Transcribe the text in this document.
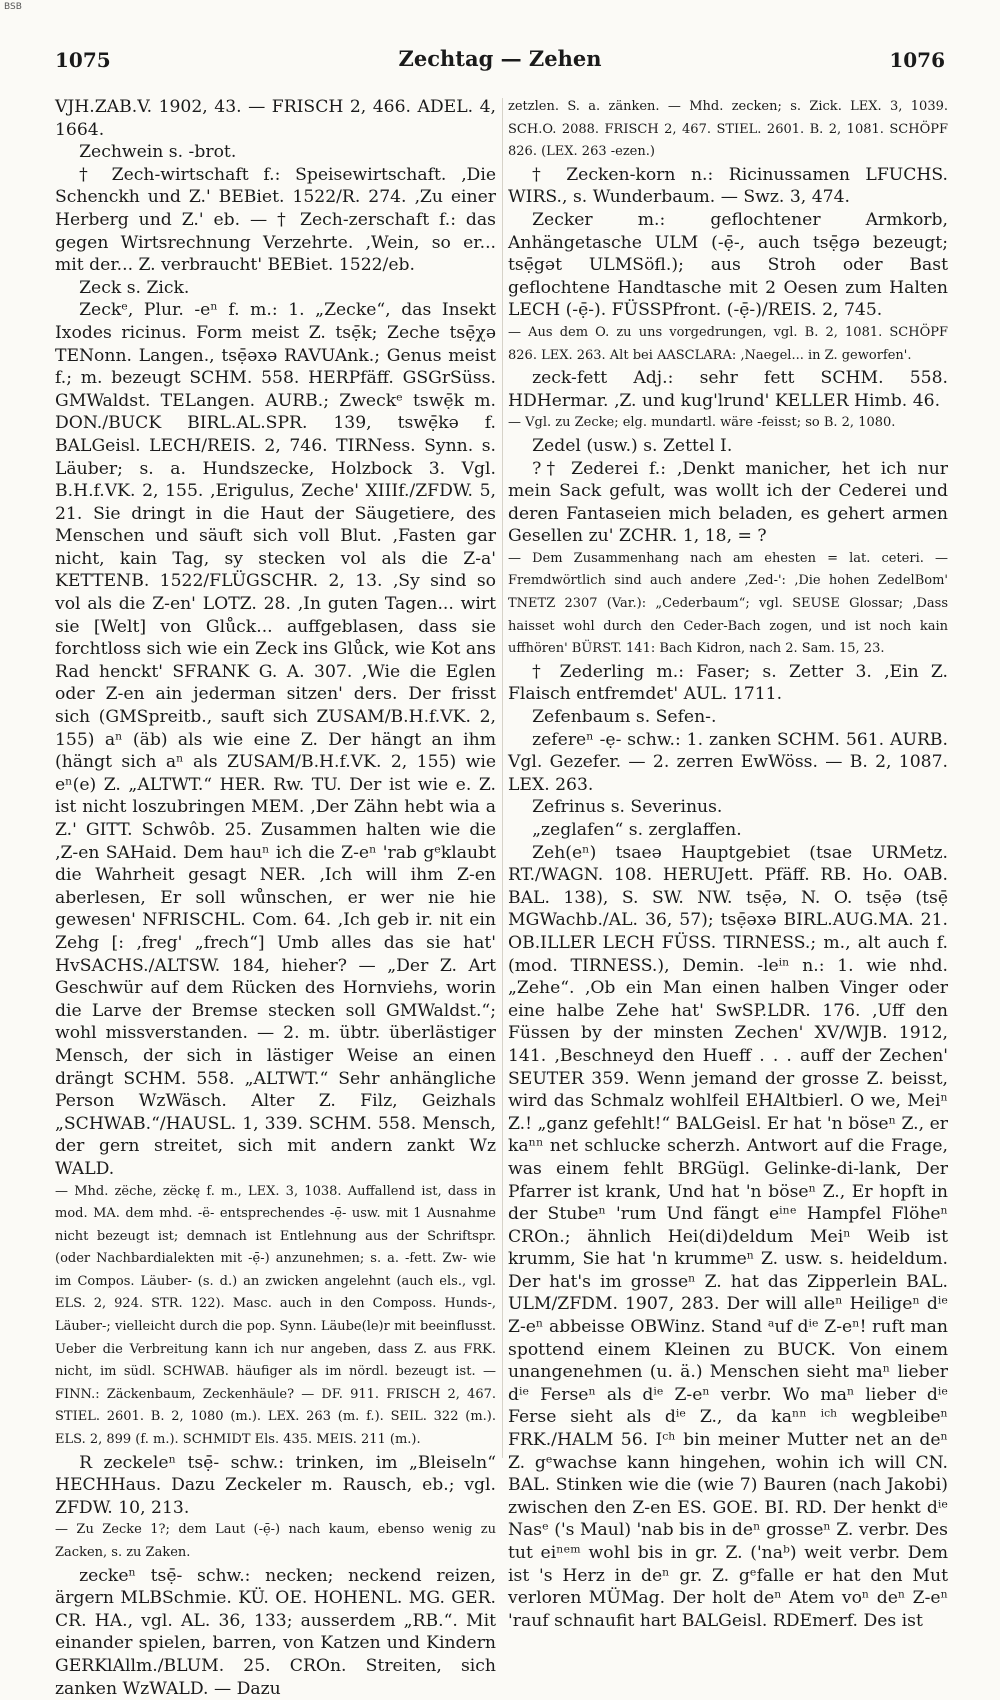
BSB
1075	Zechtag — Zehen	1076

VJH.ZAB.V. 1902, 43. — FRISCH 2, 466. ADEL. 4, 1664.

Zechwein s. -brot.

† Zech-wirtschaft f.: Speisewirtschaft. ‚Die Schenckh und Z.' BEBiet. 1522/R. 274. ‚Zu einer Herberg und Z.' eb. — † Zech-zerschaft f.: das gegen Wirtsrechnung Verzehrte. ‚Wein, so er... mit der... Z. verbraucht' BEBiet. 1522/eb.

Zeck s. Zick.

Zeckᵉ, Plur. -eⁿ f. m.: 1. „Zecke“, das Insekt Ixodes ricinus. Form meist Z. tsẹ̄k; Zeche tsẹ̄χə TENonn. Langen., tsẹ̄əxə RAVUAnk.; Genus meist f.; m. bezeugt SCHM. 558. HERPfäff. GSGrSüss. GMWaldst. TELangen. AURB.; Zweckᵉ tswẹ̄k m. DON./BUCK BIRL.AL.SPR. 139, tswẹ̄kə f. BALGeisl. LECH/REIS. 2, 746. TIRNess. Synn. s. Läuber; s. a. Hundszecke, Holzbock 3. Vgl. B.H.f.VK. 2, 155. ‚Erigulus, Zeche' XIIIf./ZFDW. 5, 21. Sie dringt in die Haut der Säugetiere, des Menschen und säuft sich voll Blut. ‚Fasten gar nicht, kain Tag, sy stecken vol als die Z-a' KETTENB. 1522/FLÜGSCHR. 2, 13. ‚Sy sind so vol als die Z-en' LOTZ. 28. ‚In guten Tagen... wirt sie [Welt] von Glůck... auffgeblasen, dass sie forchtloss sich wie ein Zeck ins Glůck, wie Kot ans Rad henckt' SFRANK G. A. 307. ‚Wie die Eglen oder Z-en ain jederman sitzen' ders. Der frisst sich (GMSpreitb., sauft sich ZUSAM/B.H.f.VK. 2, 155) aⁿ (äb) als wie eine Z. Der hängt an ihm (hängt sich aⁿ als ZUSAM/B.H.f.VK. 2, 155) wie eⁿ(e) Z. „ALTWT.“ HER. Rw. TU. Der ist wie e. Z. ist nicht loszubringen MEM. ‚Der Zähn hebt wia a Z.' GITT. Schwôb. 25. Zusammen halten wie die ‚Z-en SAHaid. Dem hauⁿ ich die Z-eⁿ 'rab gᵉklaubt die Wahrheit gesagt NER. ‚Ich will ihm Z-en aberlesen, Er soll wůnschen, er wer nie hie gewesen' NFRISCHL. Com. 64. ‚Ich geb ir. nit ein Zehg [: ‚freg' „frech“] Umb alles das sie hat' HvSACHS./ALTSW. 184, hieher? — „Der Z. Art Geschwür auf dem Rücken des Hornviehs, worin die Larve der Bremse stecken soll GMWaldst.“; wohl missverstanden. — 2. m. übtr. überlästiger Mensch, der sich in lästiger Weise an einen drängt SCHM. 558. „ALTWT.“ Sehr anhängliche Person WzWäsch. Alter Z. Filz, Geizhals „SCHWAB.“/HAUSL. 1, 339. SCHM. 558. Mensch, der gern streitet, sich mit andern zankt Wz WALD.

— Mhd. zëche, zëckę f. m., LEX. 3, 1038. Auffallend ist, dass in mod. MA. dem mhd. -ë- entsprechendes -ẹ̄- usw. mit 1 Ausnahme nicht bezeugt ist; demnach ist Entlehnung aus der Schriftspr. (oder Nachbardialekten mit -ẹ̄-) anzunehmen; s. a. -fett. Zw- wie im Compos. Läuber- (s. d.) an zwicken angelehnt (auch els., vgl. ELS. 2, 924. STR. 122). Masc. auch in den Composs. Hunds-, Läuber-; vielleicht durch die pop. Synn. Läube(le)r mit beeinflusst. Ueber die Verbreitung kann ich nur angeben, dass Z. aus FRK. nicht, im südl. SCHWAB. häufiger als im nördl. bezeugt ist. — FINN.: Zäckenbaum, Zeckenhäule? — DF. 911. FRISCH 2, 467. STIEL. 2601. B. 2, 1080 (m.). LEX. 263 (m. f.). SEIL. 322 (m.). ELS. 2, 899 (f. m.). SCHMIDT Els. 435. MEIS. 211 (m.).

R zeckeleⁿ tsẹ̄- schw.: trinken, im „Bleiseln“ HECHHaus. Dazu Zeckeler m. Rausch, eb.; vgl. ZFDW. 10, 213.

— Zu Zecke 1?; dem Laut (-ẹ̄-) nach kaum, ebenso wenig zu Zacken, s. zu Zaken.

zeckeⁿ tsẹ̄- schw.: necken; neckend reizen, ärgern MLBSchmie. KÜ. OE. HOHENL. MG. GER. CR. HA., vgl. AL. 36, 133; ausserdem „RB.“. Mit einander spielen, barren, von Katzen und Kindern GERKlAllm./BLUM. 25. CROn. Streiten, sich zanken WzWALD. — Dazu

zetzlen. S. a. zänken. — Mhd. zecken; s. Zick. LEX. 3, 1039. SCH.O. 2088. FRISCH 2, 467. STIEL. 2601. B. 2, 1081. SCHÖPF 826. (LEX. 263 -ezen.)

† Zecken-korn n.: Ricinussamen LFUCHS. WIRS., s. Wunderbaum. — Swz. 3, 474.

Zecker m.: geflochtener Armkorb, Anhängetasche ULM (-ẹ̄-, auch tsẹ̄gə bezeugt; tsẹ̄gət ULMSöfl.); aus Stroh oder Bast geflochtene Handtasche mit 2 Oesen zum Halten LECH (-ẹ̄-). FÜSSPfront. (-ẹ̄-)/REIS. 2, 745.

— Aus dem O. zu uns vorgedrungen, vgl. B. 2, 1081. SCHÖPF 826. LEX. 263. Alt bei AASCLARA: ‚Naegel... in Z. geworfen'.

zeck-fett Adj.: sehr fett SCHM. 558. HDHermar. ‚Z. und kug'lrund' KELLER Himb. 46.

— Vgl. zu Zecke; elg. mundartl. wäre -feisst; so B. 2, 1080.

Zedel (usw.) s. Zettel I.

?† Zederei f.: ‚Denkt manicher, het ich nur mein Sack gefult, was wollt ich der Cederei und deren Fantaseien mich beladen, es gehert armen Gesellen zu' ZCHR. 1, 18, = ?

— Dem Zusammenhang nach am ehesten = lat. ceteri. — Fremdwörtlich sind auch andere ‚Zed-': ‚Die hohen ZedelBom' TNETZ 2307 (Var.): „Cederbaum“; vgl. SEUSE Glossar; ‚Dass haisset wohl durch den Ceder-Bach zogen, und ist noch kain uffhören' BÜRST. 141: Bach Kidron, nach 2. Sam. 15, 23.

† Zederling m.: Faser; s. Zetter 3. ‚Ein Z. Flaisch entfremdet' AUL. 1711.

Zefenbaum s. Sefen-.

zefereⁿ -ẹ- schw.: 1. zanken SCHM. 561. AURB. Vgl. Gezefer. — 2. zerren EwWöss. — B. 2, 1087. LEX. 263.

Zefrinus s. Severinus.

„zeglafen“ s. zerglaffen.

Zeh(eⁿ) tsaeə Hauptgebiet (tsae URMetz. RT./WAGN. 108. HERUJett. Pfäff. RB. Ho. OAB. BAL. 138), S. SW. NW. tsẹ̄ə, N. O. tsẹ̄ə (tsẹ̄ MGWachb./AL. 36, 57); tsẹ̄əxə BIRL.AUG.MA. 21. OB.ILLER LECH FÜSS. TIRNESS.; m., alt auch f. (mod. TIRNESS.), Demin. -leⁱⁿ n.: 1. wie nhd. „Zehe“. ‚Ob ein Man einen halben Vinger oder eine halbe Zehe hat' SwSP.LDR. 176. ‚Uff den Füssen by der minsten Zechen' XV/WJB. 1912, 141. ‚Beschneyd den Hueff . . . auff der Zechen' SEUTER 359. Wenn jemand der grosse Z. beisst, wird das Schmalz wohlfeil EHAltbierl. O we, Meiⁿ Z.! „ganz gefehlt!“ BALGeisl. Er hat 'n böseⁿ Z., er kaⁿⁿ net schlucke scherzh. Antwort auf die Frage, was einem fehlt BRGügl. Gelinke-di-lank, Der Pfarrer ist krank, Und hat 'n böseⁿ Z., Er hopft in der Stubeⁿ 'rum Und fängt eⁱⁿᵉ Hampfel Flöheⁿ CROn.; ähnlich Hei(di)deldum Meiⁿ Weib ist krumm, Sie hat 'n krummeⁿ Z. usw. s. heideldum. Der hat's im grosseⁿ Z. hat das Zipperlein BAL. ULM/ZFDM. 1907, 283. Der will alleⁿ Heiligeⁿ dⁱᵉ Z-eⁿ abbeisse OBWinz. Stand ᵃuf dⁱᵉ Z-eⁿ! ruft man spottend einem Kleinen zu BUCK. Von einem unangenehmen (u. ä.) Menschen sieht maⁿ lieber dⁱᵉ Ferseⁿ als dⁱᵉ Z-eⁿ verbr. Wo maⁿ lieber dⁱᵉ Ferse sieht als dⁱᵉ Z., da kaⁿⁿ ⁱᶜʰ wegbleibeⁿ FRK./HALM 56. Iᶜʰ bin meiner Mutter net an deⁿ Z. gᵉwachse kann hingehen, wohin ich will CN. BAL. Stinken wie die (wie 7) Bauren (nach Jakobi) zwischen den Z-en ES. GOE. BI. RD. Der henkt dⁱᵉ Nasᵉ ('s Maul) 'nab bis in deⁿ grosseⁿ Z. verbr. Des tut eiⁿᵉᵐ wohl bis in gr. Z. ('naᵇ) weit verbr. Dem ist 's Herz in deⁿ gr. Z. gᵉfalle er hat den Mut verloren MÜMag. Der holt deⁿ Atem voⁿ deⁿ Z-eⁿ 'rauf schnaufit hart BALGeisl. RDEmerf. Des ist
